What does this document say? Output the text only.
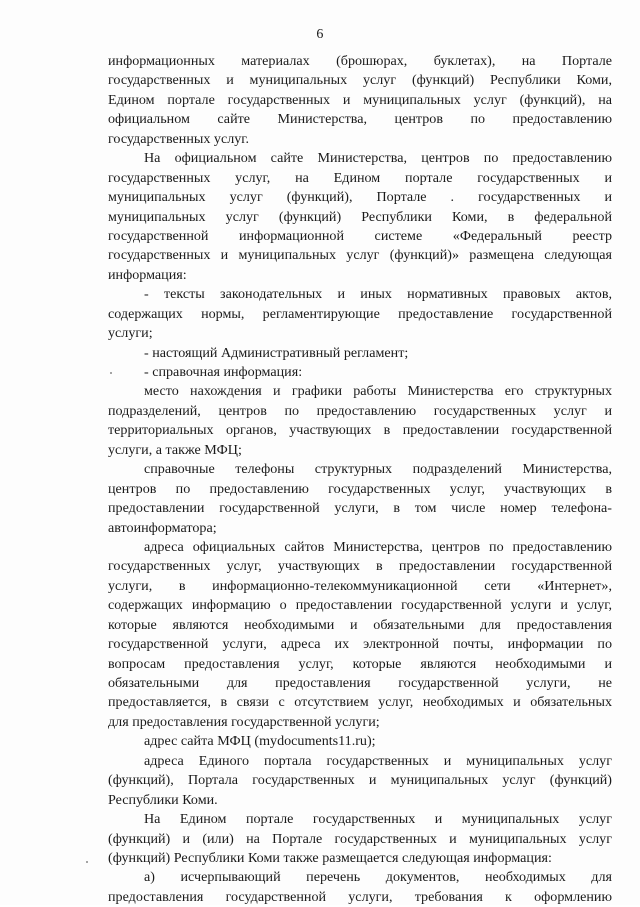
6
информационных материалах (брошюрах, буклетах), на Портале
государственных и муниципальных услуг (функций) Республики Коми,
Едином портале государственных и муниципальных услуг (функций), на
официальном сайте Министерства, центров по предоставлению
государственных услуг.
На официальном сайте Министерства, центров по предоставлению
государственных услуг, на Едином портале государственных и
муниципальных услуг (функций), Портале . государственных и
муниципальных услуг (функций) Республики Коми, в федеральной
государственной информационной системе «Федеральный реестр
государственных и муниципальных услуг (функций)» размещена следующая
информация:
- тексты законодательных и иных нормативных правовых актов,
содержащих нормы, регламентирующие предоставление государственной
услуги;
- настоящий Административный регламент;
- справочная информация:
место нахождения и графики работы Министерства его структурных
подразделений, центров по предоставлению государственных услуг и
территориальных органов, участвующих в предоставлении государственной
услуги, а также МФЦ;
справочные телефоны структурных подразделений Министерства,
центров по предоставлению государственных услуг, участвующих в
предоставлении государственной услуги, в том числе номер телефона-
автоинформатора;
адреса официальных сайтов Министерства, центров по предоставлению
государственных услуг, участвующих в предоставлении государственной
услуги, в информационно-телекоммуникационной сети «Интернет»,
содержащих информацию о предоставлении государственной услуги и услуг,
которые являются необходимыми и обязательными для предоставления
государственной услуги, адреса их электронной почты, информации по
вопросам предоставления услуг, которые являются необходимыми и
обязательными для предоставления государственной услуги, не
предоставляется, в связи с отсутствием услуг, необходимых и обязательных
для предоставления государственной услуги;
адрес сайта МФЦ (mydocuments11.ru);
адреса Единого портала государственных и муниципальных услуг
(функций), Портала государственных и муниципальных услуг (функций)
Республики Коми.
На Едином портале государственных и муниципальных услуг
(функций) и (или) на Портале государственных и муниципальных услуг
(функций) Республики Коми также размещается следующая информация:
а) исчерпывающий перечень документов, необходимых для
предоставления государственной услуги, требования к оформлению
